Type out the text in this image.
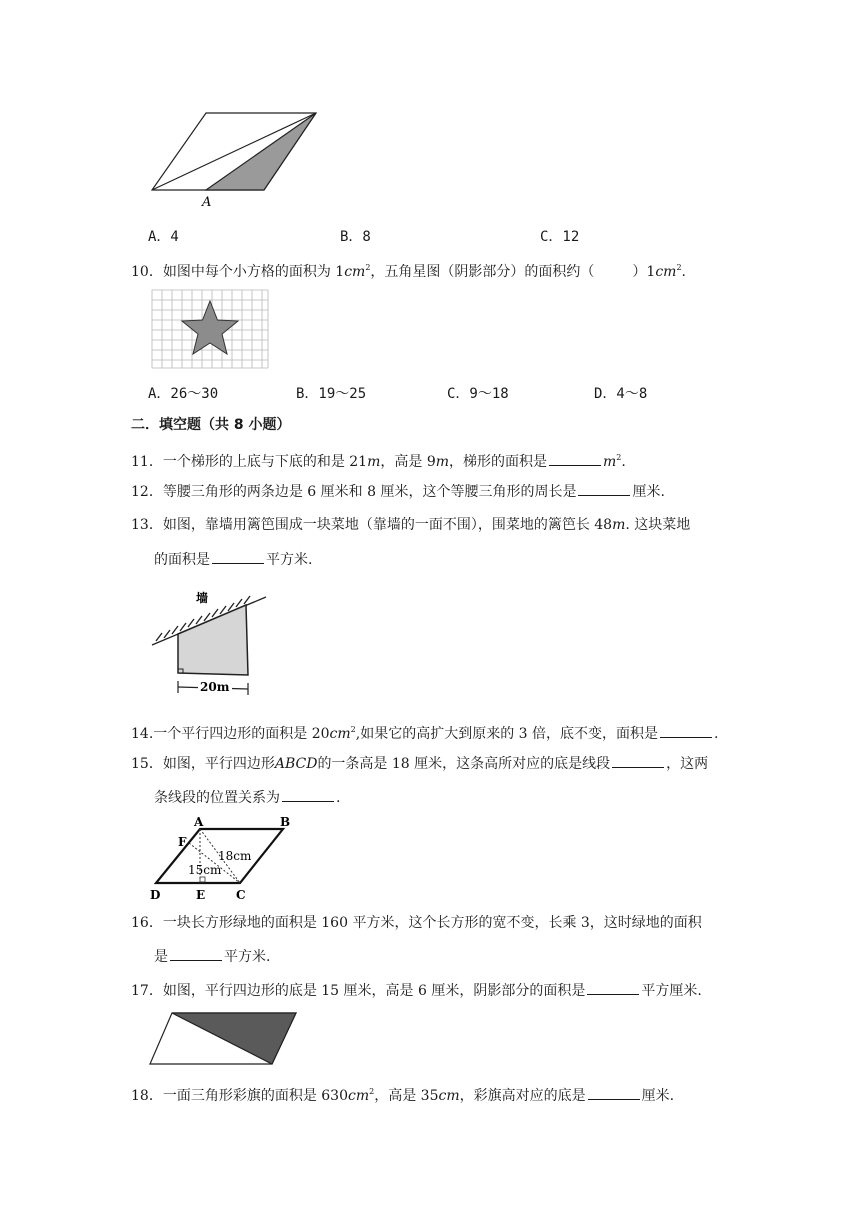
A
A．4	B．8	C．12
10．如图中每个小方格的面积为 $1cm^2$，五角星图（阴影部分）的面积约（	）$1cm^2$.
A．26～30	B．19～25	C．9～18	D．4～8
二．填空题（共 8 小题）
11．一个梯形的上底与下底的和是 21m，高是 9m，梯形的面积是	$m^2$.
12．等腰三角形的两条边是 6 厘米和 8 厘米，这个等腰三角形的周长是	厘米.
13．如图，靠墙用篱笆围成一块菜地（靠墙的一面不围），围菜地的篱笆长 48m. 这块菜地
的面积是	平方米.
20m
墙
14.一个平行四边形的面积是 $20cm^2$,如果它的高扩大到原来的 3 倍，底不变，面积是	.
15．如图，平行四边形ABCD的一条高是 18 厘米，这条高所对应的底是线段	，这两
条线段的位置关系为	.
A	B
C
D	E
F
18cm
15cm
16．一块长方形绿地的面积是 160 平方米，这个长方形的宽不变，长乘 3，这时绿地的面积
是	平方米.
17．如图，平行四边形的底是 15 厘米，高是 6 厘米，阴影部分的面积是	平方厘米.
18．一面三角形彩旗的面积是 $630cm^2$，高是 35cm，彩旗高对应的底是	厘米.
